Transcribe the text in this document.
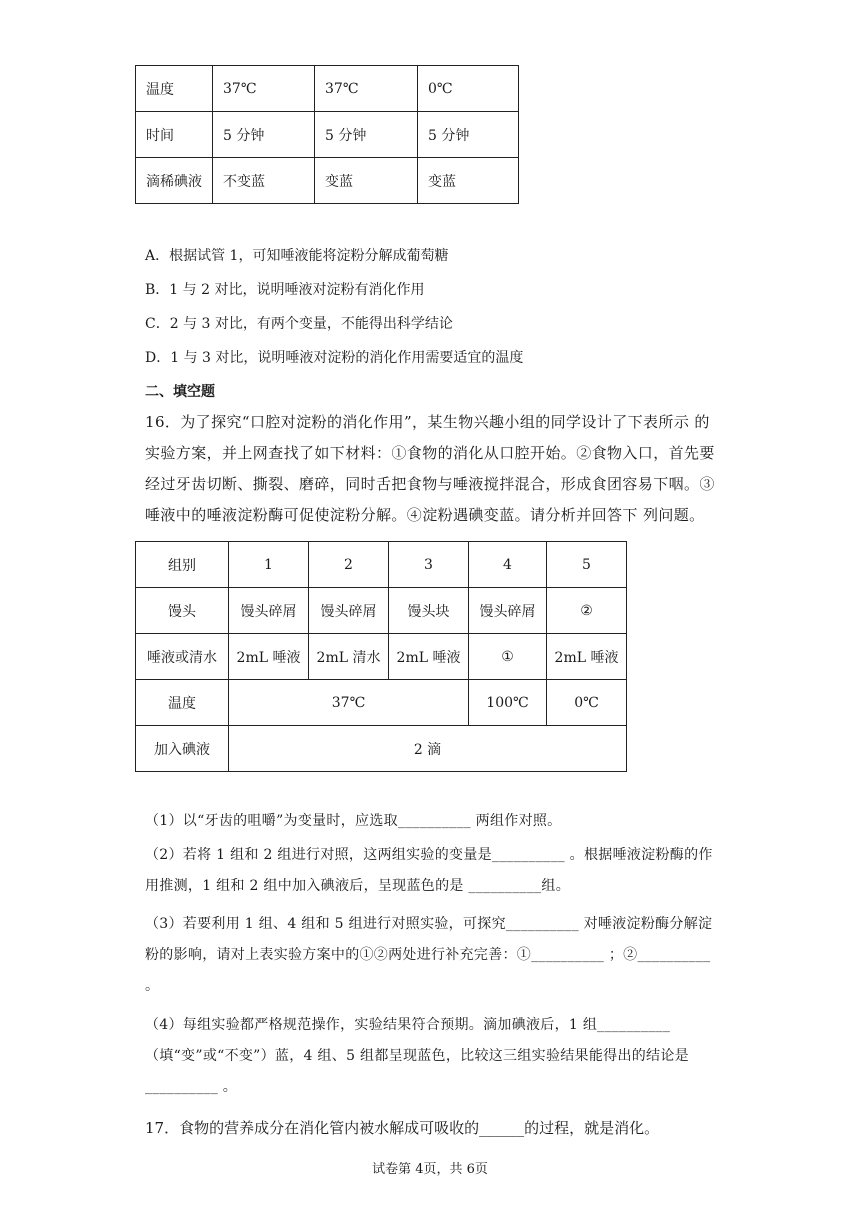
温度	37℃	37℃	0℃
时间	5 分钟	5 分钟	5 分钟
滴稀碘液	不变蓝	变蓝	变蓝
A．根据试管 1，可知唾液能将淀粉分解成葡萄糖
B．1 与 2 对比，说明唾液对淀粉有消化作用
C．2 与 3 对比，有两个变量，不能得出科学结论
D．1 与 3 对比，说明唾液对淀粉的消化作用需要适宜的温度
二、填空题
16．为了探究“口腔对淀粉的消化作用”，某生物兴趣小组的同学设计了下表所示 的实验方案，并上网查找了如下材料：①食物的消化从口腔开始。②食物入口，首先要经过牙齿切断、撕裂、磨碎，同时舌把食物与唾液搅拌混合，形成食团容易下咽。③唾液中的唾液淀粉酶可促使淀粉分解。④淀粉遇碘变蓝。请分析并回答下 列问题。
组别	1	2	3	4	5
馒头	馒头碎屑	馒头碎屑	馒头块	馒头碎屑	②
唾液或清水	2mL 唾液	2mL 清水	2mL 唾液	①	2mL 唾液
温度	37℃			100℃	0℃
加入碘液	2 滴				
（1）以“牙齿的咀嚼”为变量时，应选取__________ 两组作对照。
（2）若将 1 组和 2 组进行对照，这两组实验的变量是__________ 。根据唾液淀粉酶的作用推测，1 组和 2 组中加入碘液后，呈现蓝色的是 __________组。
（3）若要利用 1 组、4 组和 5 组进行对照实验，可探究__________ 对唾液淀粉酶分解淀粉的影响，请对上表实验方案中的①②两处进行补充完善：①__________ ；②__________ 。
（4）每组实验都严格规范操作，实验结果符合预期。滴加碘液后，1 组__________ （填“变”或“不变”）蓝，4 组、5 组都呈现蓝色，比较这三组实验结果能得出的结论是__________ 。
17．食物的营养成分在消化管内被水解成可吸收的______的过程，就是消化。
试卷第 4页，共 6页
